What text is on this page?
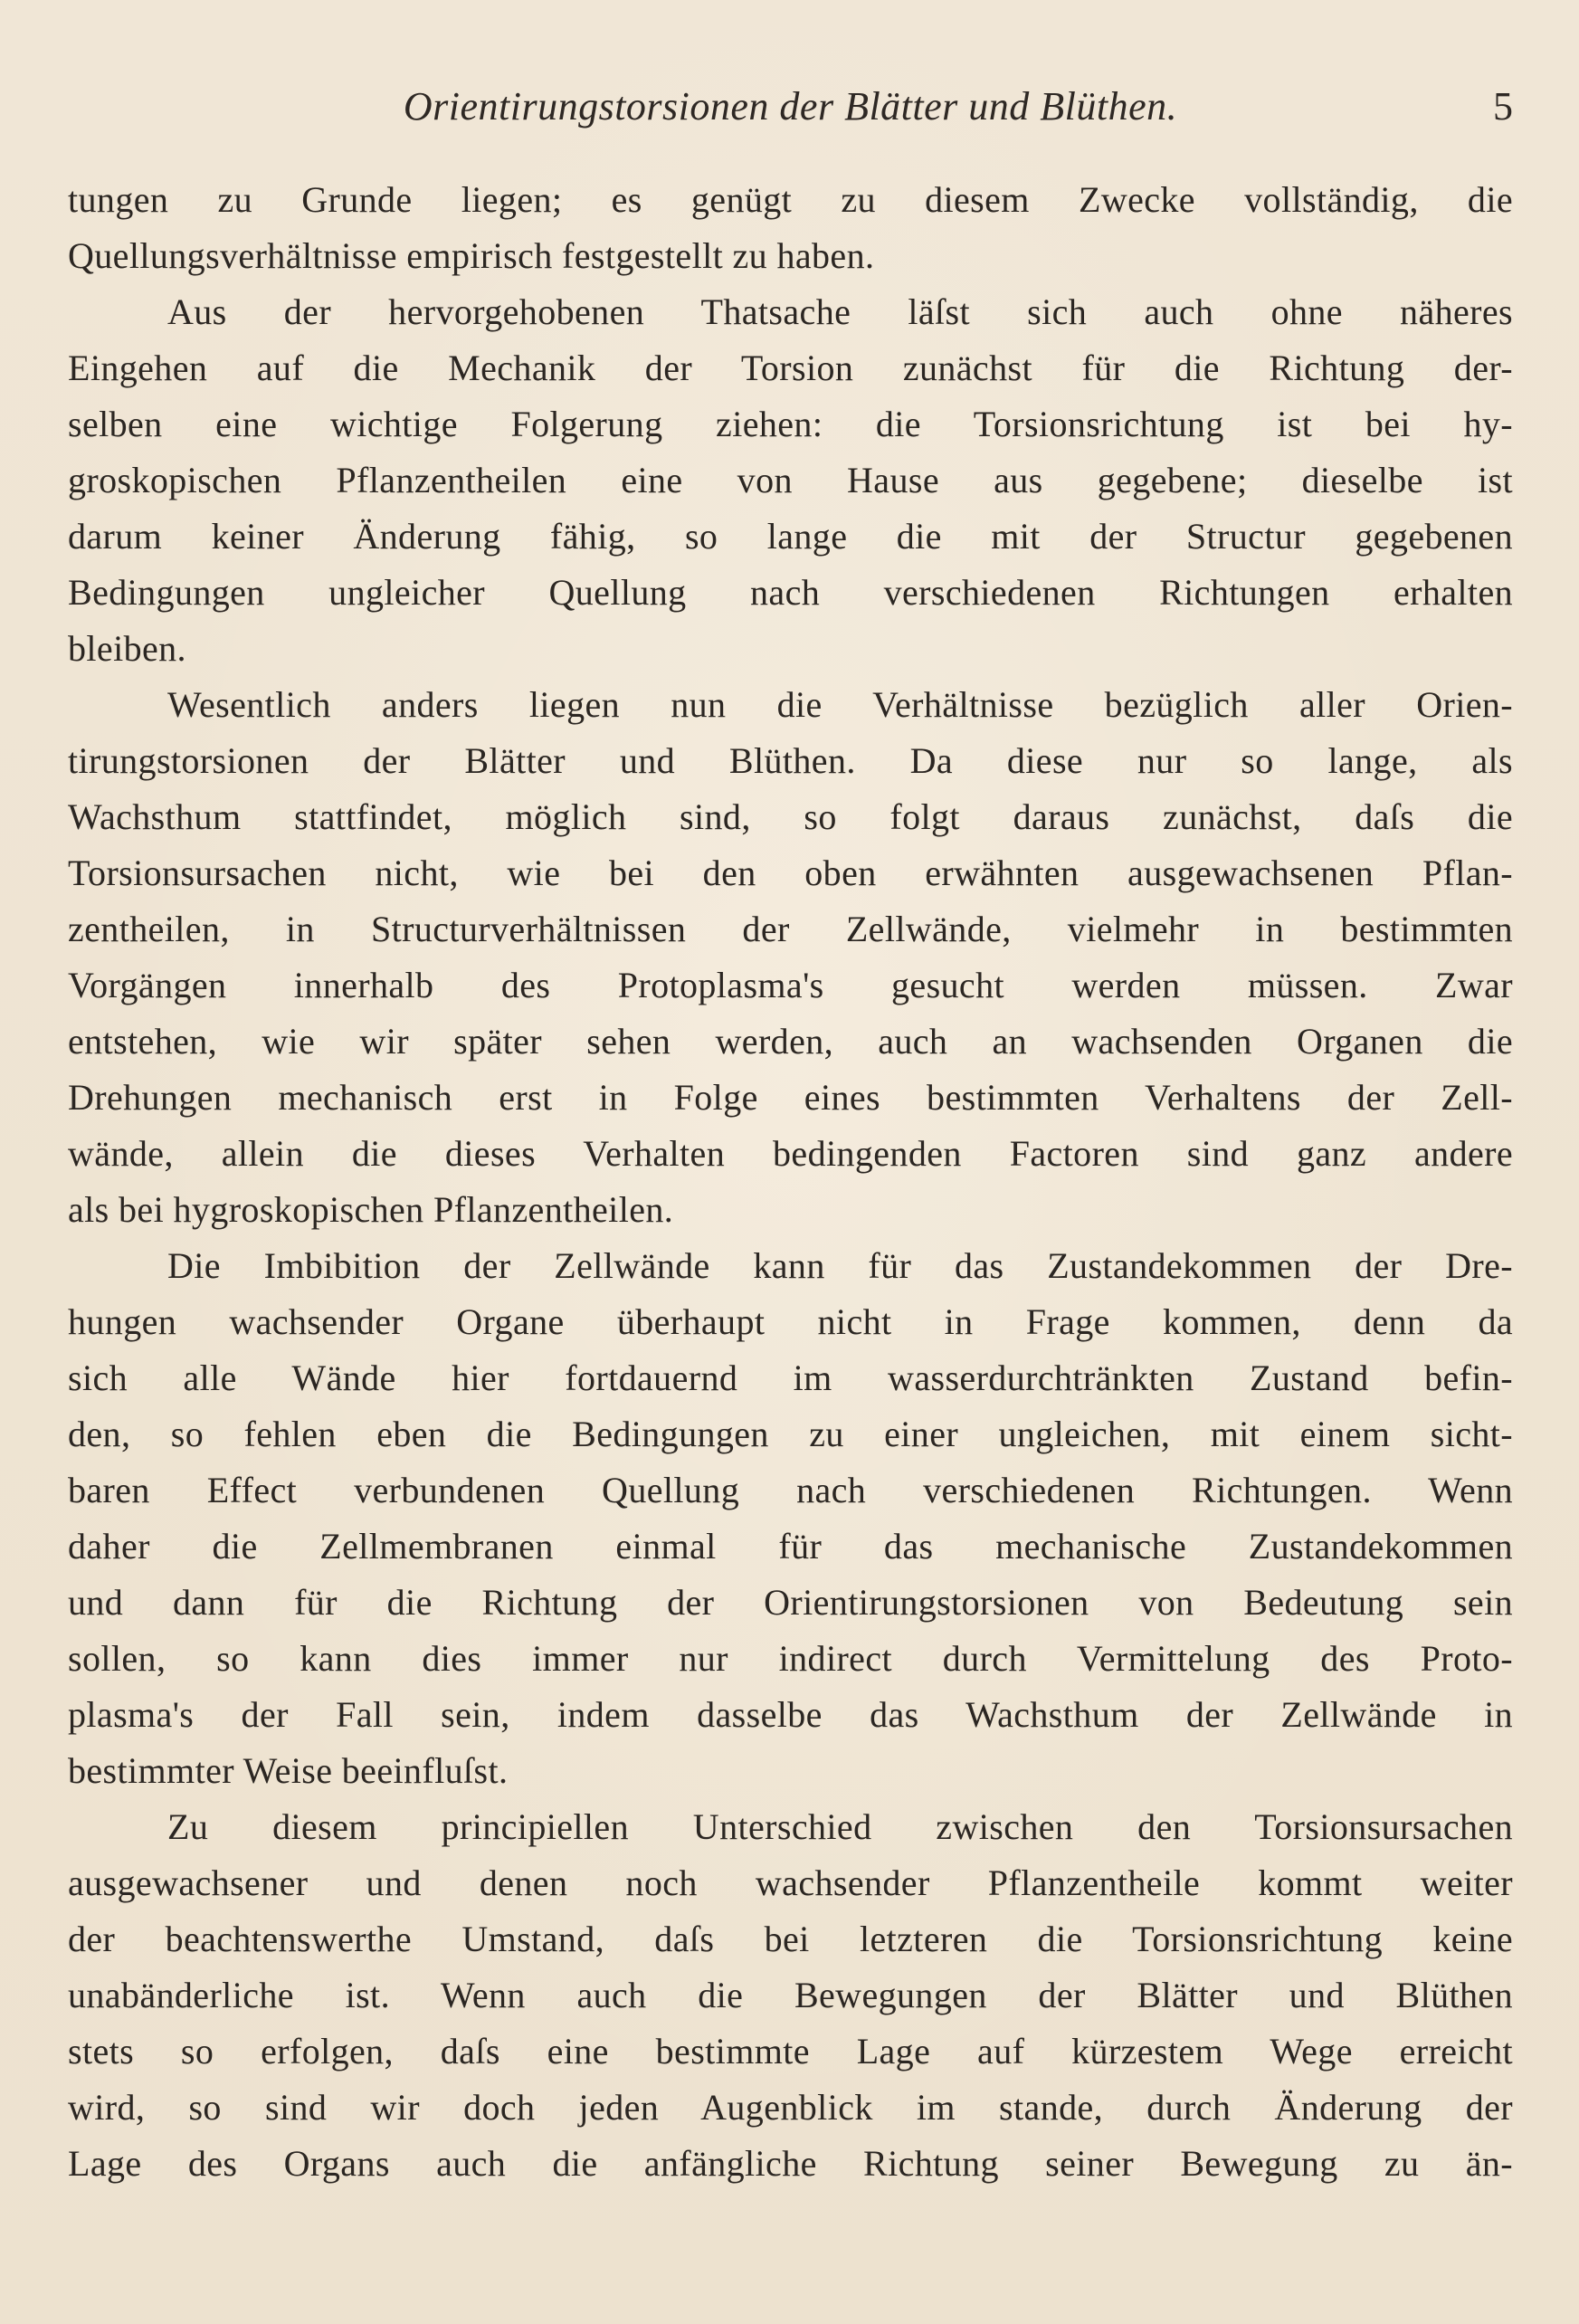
Orientirungstorsionen der Blätter und Blüthen.	5
tungen zu Grunde liegen; es genügt zu diesem Zwecke vollständig, die
Quellungsverhältnisse empirisch festgestellt zu haben.
Aus der hervorgehobenen Thatsache läſst sich auch ohne näheres
Eingehen auf die Mechanik der Torsion zunächst für die Richtung der-
selben eine wichtige Folgerung ziehen: die Torsionsrichtung ist bei hy-
groskopischen Pflanzentheilen eine von Hause aus gegebene; dieselbe ist
darum keiner Änderung fähig, so lange die mit der Structur gegebenen
Bedingungen ungleicher Quellung nach verschiedenen Richtungen erhalten
bleiben.
Wesentlich anders liegen nun die Verhältnisse bezüglich aller Orien-
tirungstorsionen der Blätter und Blüthen. Da diese nur so lange, als
Wachsthum stattfindet, möglich sind, so folgt daraus zunächst, daſs die
Torsionsursachen nicht, wie bei den oben erwähnten ausgewachsenen Pflan-
zentheilen, in Structurverhältnissen der Zellwände, vielmehr in bestimmten
Vorgängen innerhalb des Protoplasma's gesucht werden müssen. Zwar
entstehen, wie wir später sehen werden, auch an wachsenden Organen die
Drehungen mechanisch erst in Folge eines bestimmten Verhaltens der Zell-
wände, allein die dieses Verhalten bedingenden Factoren sind ganz andere
als bei hygroskopischen Pflanzentheilen.
Die Imbibition der Zellwände kann für das Zustandekommen der Dre-
hungen wachsender Organe überhaupt nicht in Frage kommen, denn da
sich alle Wände hier fortdauernd im wasserdurchtränkten Zustand befin-
den, so fehlen eben die Bedingungen zu einer ungleichen, mit einem sicht-
baren Effect verbundenen Quellung nach verschiedenen Richtungen. Wenn
daher die Zellmembranen einmal für das mechanische Zustandekommen
und dann für die Richtung der Orientirungstorsionen von Bedeutung sein
sollen, so kann dies immer nur indirect durch Vermittelung des Proto-
plasma's der Fall sein, indem dasselbe das Wachsthum der Zellwände in
bestimmter Weise beeinfluſst.
Zu diesem principiellen Unterschied zwischen den Torsionsursachen
ausgewachsener und denen noch wachsender Pflanzentheile kommt weiter
der beachtenswerthe Umstand, daſs bei letzteren die Torsionsrichtung keine
unabänderliche ist. Wenn auch die Bewegungen der Blätter und Blüthen
stets so erfolgen, daſs eine bestimmte Lage auf kürzestem Wege erreicht
wird, so sind wir doch jeden Augenblick im stande, durch Änderung der
Lage des Organs auch die anfängliche Richtung seiner Bewegung zu än-
